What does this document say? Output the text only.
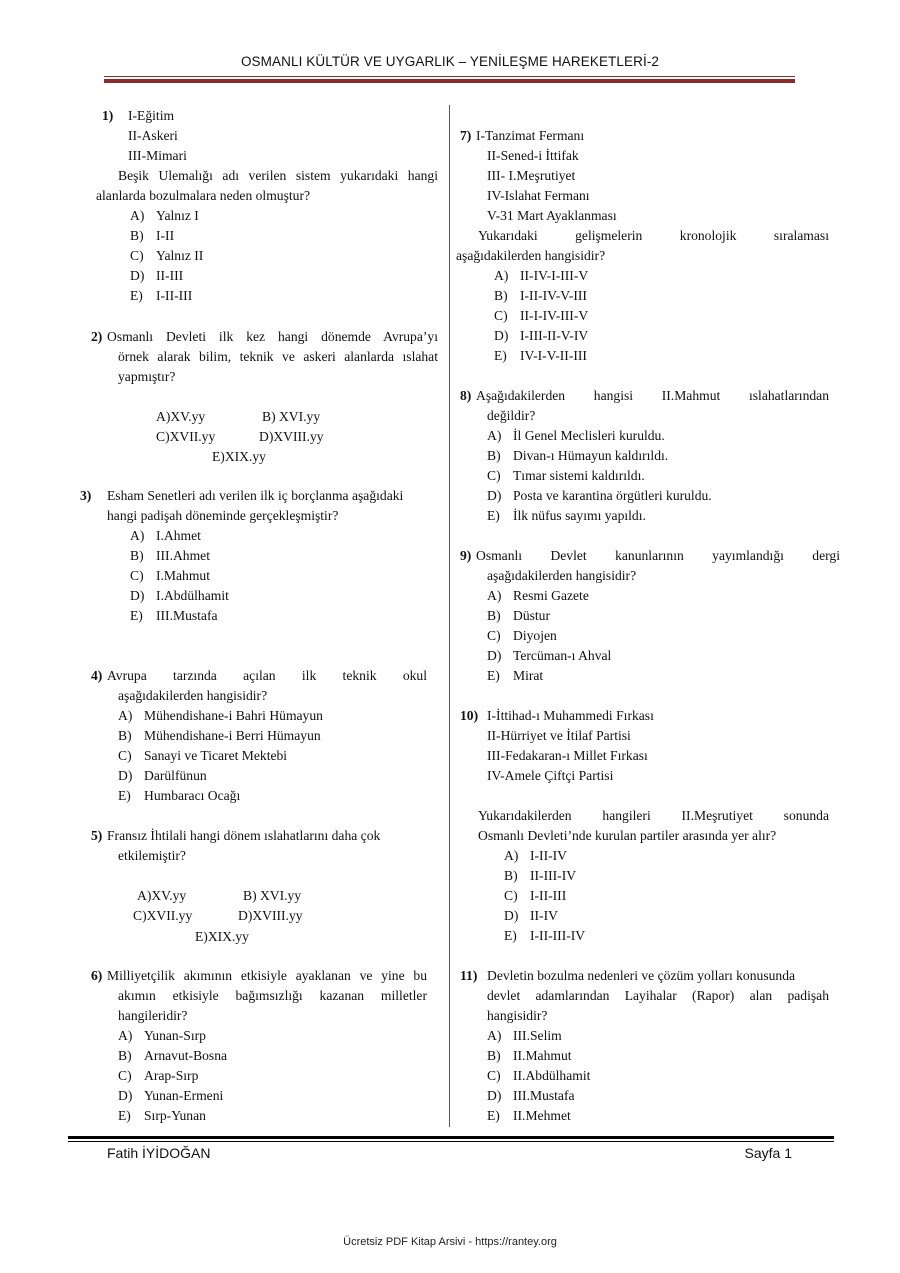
OSMANLI KÜLTÜR VE UYGARLIK – YENİLEŞME HAREKETLERİ-2
1) I-Eğitim
II-Askeri
III-Mimari
Beşik Ulemalığı adı verilen sistem yukarıdaki hangi
alanlarda bozulmalara neden olmuştur?
A) Yalnız I
B) I-II
C) Yalnız II
D) II-III
E) I-II-III
2) Osmanlı Devleti ilk kez hangi dönemde Avrupa’yı
örnek alarak bilim, teknik ve askeri alanlarda ıslahat
yapmıştır?
A)XV.yy	B) XVI.yy
C)XVII.yy	D)XVIII.yy
E)XIX.yy
3) Esham Senetleri adı verilen ilk iç borçlanma aşağıdaki
hangi padişah döneminde gerçekleşmiştir?
A) I.Ahmet
B) III.Ahmet
C) I.Mahmut
D) I.Abdülhamit
E) III.Mustafa
4) Avrupa tarzında açılan ilk teknik okul
aşağıdakilerden hangisidir?
A) Mühendishane-i Bahri Hümayun
B) Mühendishane-i Berri Hümayun
C) Sanayi ve Ticaret Mektebi
D) Darülfünun
E) Humbaracı Ocağı
5) Fransız İhtilali hangi dönem ıslahatlarını daha çok
etkilemiştir?
A)XV.yy	B) XVI.yy
C)XVII.yy	D)XVIII.yy
E)XIX.yy
6) Milliyetçilik akımının etkisiyle ayaklanan ve yine bu
akımın etkisiyle bağımsızlığı kazanan milletler
hangileridir?
A) Yunan-Sırp
B) Arnavut-Bosna
C) Arap-Sırp
D) Yunan-Ermeni
E) Sırp-Yunan
7) I-Tanzimat Fermanı
II-Sened-i İttifak
III- I.Meşrutiyet
IV-Islahat Fermanı
V-31 Mart Ayaklanması
Yukarıdaki gelişmelerin kronolojik sıralaması
aşağıdakilerden hangisidir?
A) II-IV-I-III-V
B) I-II-IV-V-III
C) II-I-IV-III-V
D) I-III-II-V-IV
E) IV-I-V-II-III
8) Aşağıdakilerden hangisi II.Mahmut ıslahatlarından
değildir?
A) İl Genel Meclisleri kuruldu.
B) Divan-ı Hümayun kaldırıldı.
C) Tımar sistemi kaldırıldı.
D) Posta ve karantina örgütleri kuruldu.
E) İlk nüfus sayımı yapıldı.
9) Osmanlı Devlet kanunlarının yayımlandığı dergi
aşağıdakilerden hangisidir?
A) Resmi Gazete
B) Düstur
C) Diyojen
D) Tercüman-ı Ahval
E) Mirat
10) I-İttihad-ı Muhammedi Fırkası
II-Hürriyet ve İtilaf Partisi
III-Fedakaran-ı Millet Fırkası
IV-Amele Çiftçi Partisi
Yukarıdakilerden hangileri II.Meşrutiyet sonunda
Osmanlı Devleti’nde kurulan partiler arasında yer alır?
A) I-II-IV
B) II-III-IV
C) I-II-III
D) II-IV
E) I-II-III-IV
11) Devletin bozulma nedenleri ve çözüm yolları konusunda
devlet adamlarından Layihalar (Rapor) alan padişah
hangisidir?
A) III.Selim
B) II.Mahmut
C) II.Abdülhamit
D) III.Mustafa
E) II.Mehmet
Fatih İYİDOĞAN	Sayfa 1
Ücretsiz PDF Kitap Arsivi - https://rantey.org
